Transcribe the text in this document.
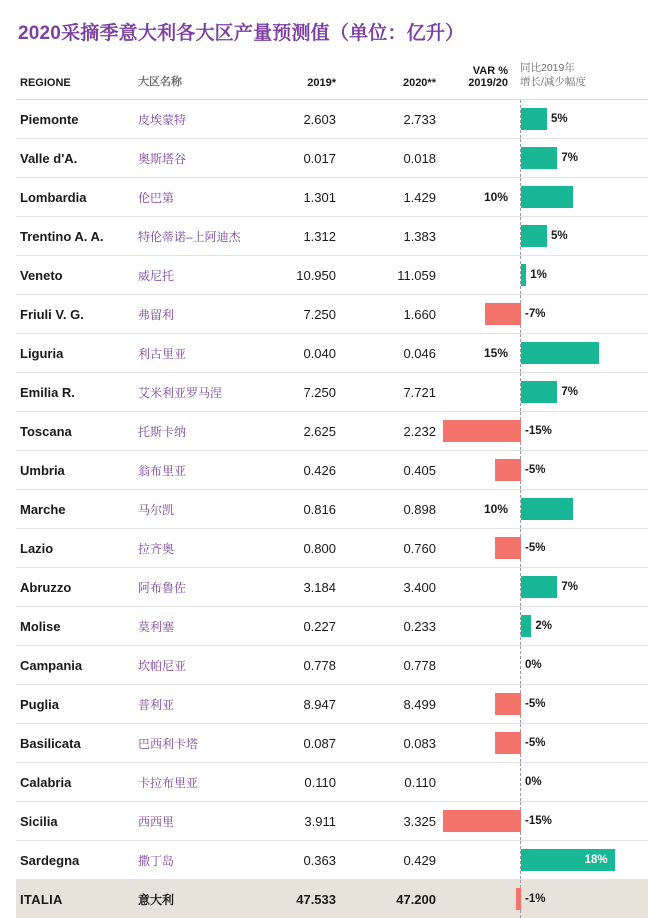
2020采摘季意大利各大区产量预测值（单位：亿升）
REGIONE	大区名称	2019*	2020**	
VAR %
2019/20

同比2019年
增长/减少幅度

Piemonte	皮埃蒙特	2.603	2.733		5%

Valle d'A.	奥斯塔谷	0.017	0.018		7%

Lombardia	伦巴第	1.301	1.429	10%	

Trentino A. A.	特伦蒂诺–上阿迪杰	1.312	1.383		5%

Veneto	威尼托	10.950	11.059		1%

Friuli V. G.	弗留利	7.250	1.660		-7%

Liguria	利古里亚	0.040	0.046	15%	

Emilia R.	艾米利亚罗马涅	7.250	7.721		7%

Toscana	托斯卡纳	2.625	2.232		-15%

Umbria	翁布里亚	0.426	0.405		-5%

Marche	马尔凯	0.816	0.898	10%	

Lazio	拉齐奥	0.800	0.760		-5%

Abruzzo	阿布鲁佐	3.184	3.400		7%

Molise	莫利塞	0.227	0.233		2%

Campania	坎帕尼亚	0.778	0.778		0%

Puglia	普利亚	8.947	8.499		-5%

Basilicata	巴西利卡塔	0.087	0.083		-5%

Calabria	卡拉布里亚	0.110	0.110		0%

Sicilia	西西里	3.911	3.325		-15%

Sardegna	撒丁岛	0.363	0.429		18%

ITALIA	意大利	47.533	47.200		-1%
